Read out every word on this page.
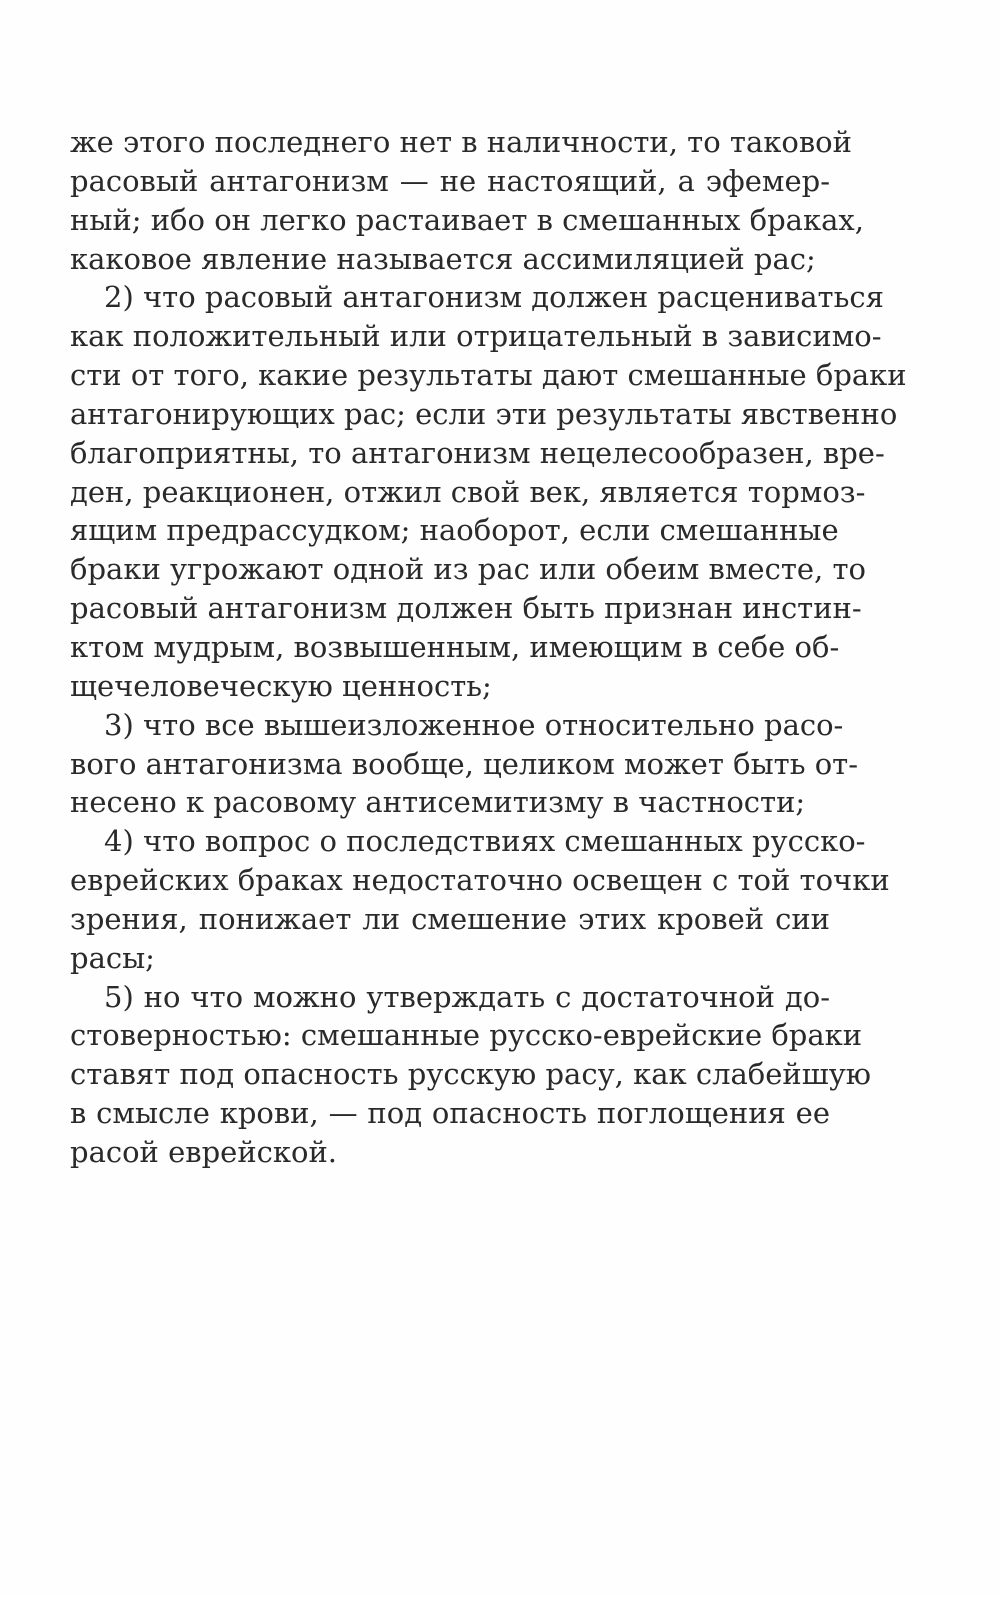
же этого последнего нет в наличности, то таковой
расовый антагонизм — не настоящий, а эфемер-
ный; ибо он легко растаивает в смешанных браках,
каковое явление называется ассимиляцией рас;
2) что расовый антагонизм должен расцениваться
как положительный или отрицательный в зависимо-
сти от того, какие результаты дают смешанные браки
антагонирующих рас; если эти результаты явственно
благоприятны, то антагонизм нецелесообразен, вре-
ден, реакционен, отжил свой век, является тормоз-
ящим предрассудком; наоборот, если смешанные
браки угрожают одной из рас или обеим вместе, то
расовый антагонизм должен быть признан инстин-
ктом мудрым, возвышенным, имеющим в себе об-
щечеловеческую ценность;
3) что все вышеизложенное относительно расо-
вого антагонизма вообще, целиком может быть от-
несено к расовому антисемитизму в частности;
4) что вопрос о последствиях смешанных русско-
еврейских браках недостаточно освещен с той точки
зрения, понижает ли смешение этих кровей сии
расы;
5) но что можно утверждать с достаточной до-
стоверностью: смешанные русско-еврейские браки
ставят под опасность русскую расу, как слабейшую
в смысле крови, — под опасность поглощения ее
расой еврейской.
